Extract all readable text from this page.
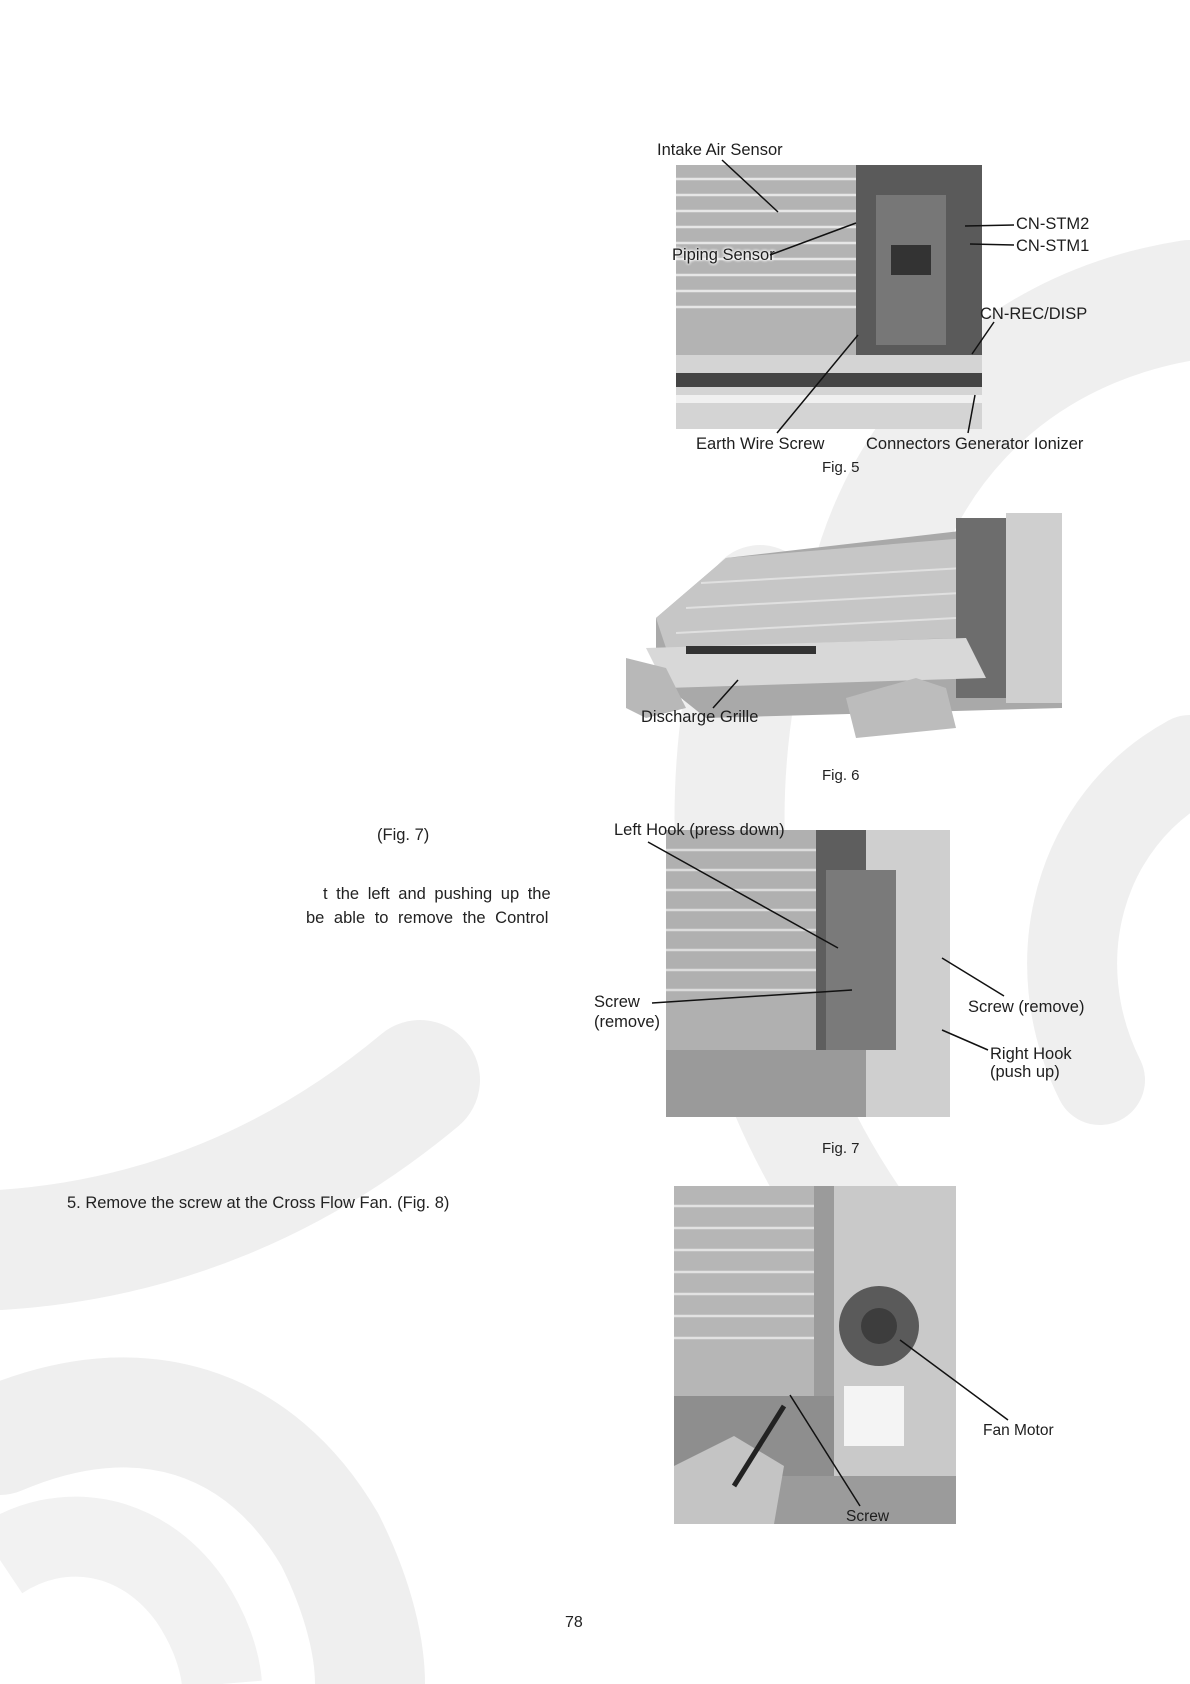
Intake Air Sensor
Piping Sensor
CN-STM2
CN-STM1
CN-REC/DISP
Earth Wire Screw	Connectors Generator Ionizer
Fig. 5
Discharge Grille
Fig. 6
Left Hook (press down)
Screw
(remove)
Screw (remove)
Right Hook
(push up)
Fig. 7
Fan Motor
Screw
(Fig. 7)
t the left and pushing up the
be able to remove the Control
5. Remove the screw at the Cross Flow Fan. (Fig. 8)
78
